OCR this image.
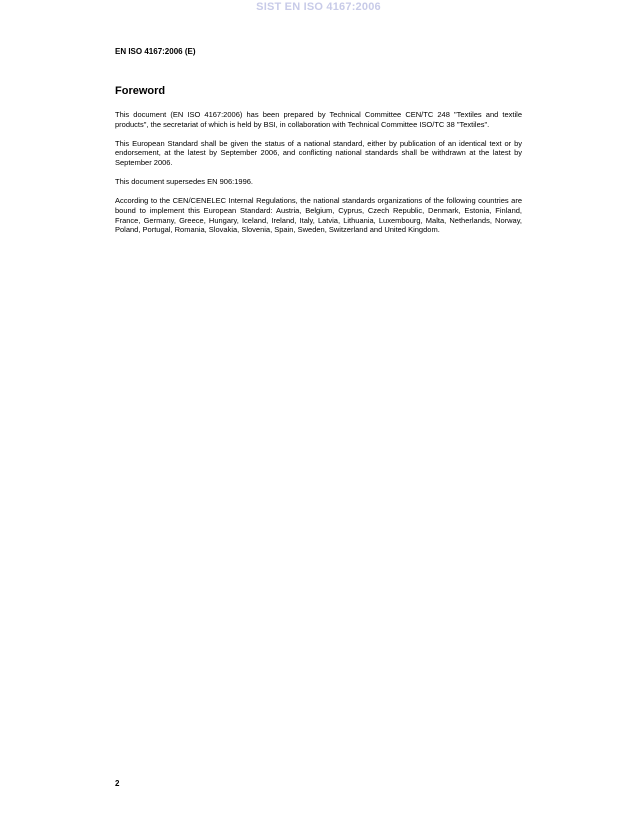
SIST EN ISO 4167:2006
EN ISO 4167:2006 (E)
Foreword

This document (EN ISO 4167:2006) has been prepared by Technical Committee CEN/TC 248 "Textiles and textile products", the secretariat of which is held by BSI, in collaboration with Technical Committee ISO/TC 38 "Textiles".

This European Standard shall be given the status of a national standard, either by publication of an identical text or by endorsement, at the latest by September 2006, and conflicting national standards shall be withdrawn at the latest by September 2006.

This document supersedes EN 906:1996.

According to the CEN/CENELEC Internal Regulations, the national standards organizations of the following countries are bound to implement this European Standard: Austria, Belgium, Cyprus, Czech Republic, Denmark, Estonia, Finland, France, Germany, Greece, Hungary, Iceland, Ireland, Italy, Latvia, Lithuania, Luxembourg, Malta, Netherlands, Norway, Poland, Portugal, Romania, Slovakia, Slovenia, Spain, Sweden, Switzerland and United Kingdom.

2
